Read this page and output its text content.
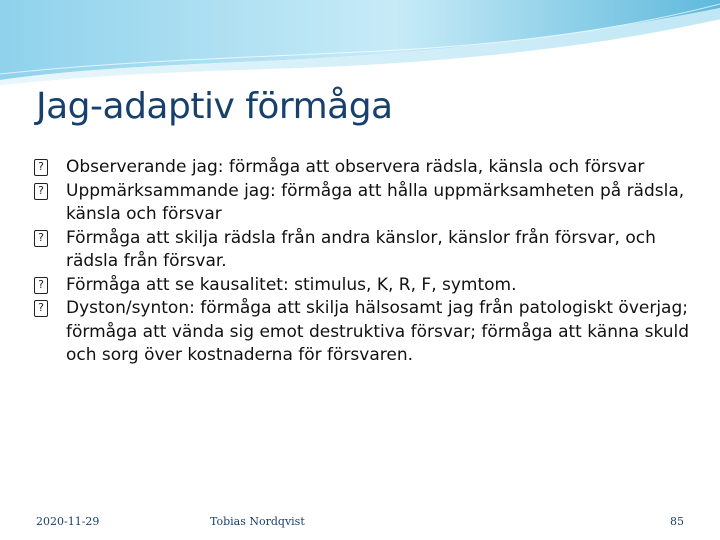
Jag-adaptiv förmåga
? Observerande jag: förmåga att observera rädsla, känsla och försvar
? Uppmärksammande jag: förmåga att hålla uppmärksamheten på rädsla, känsla och försvar
? Förmåga att skilja rädsla från andra känslor, känslor från försvar, och rädsla från försvar.
? Förmåga att se kausalitet: stimulus, K, R, F, symtom.
? Dyston/synton: förmåga att skilja hälsosamt jag från patologiskt överjag; förmåga att vända sig emot destruktiva försvar; förmåga att känna skuld och sorg över kostnaderna för försvaren.
2020-11-29	Tobias Nordqvist	85
